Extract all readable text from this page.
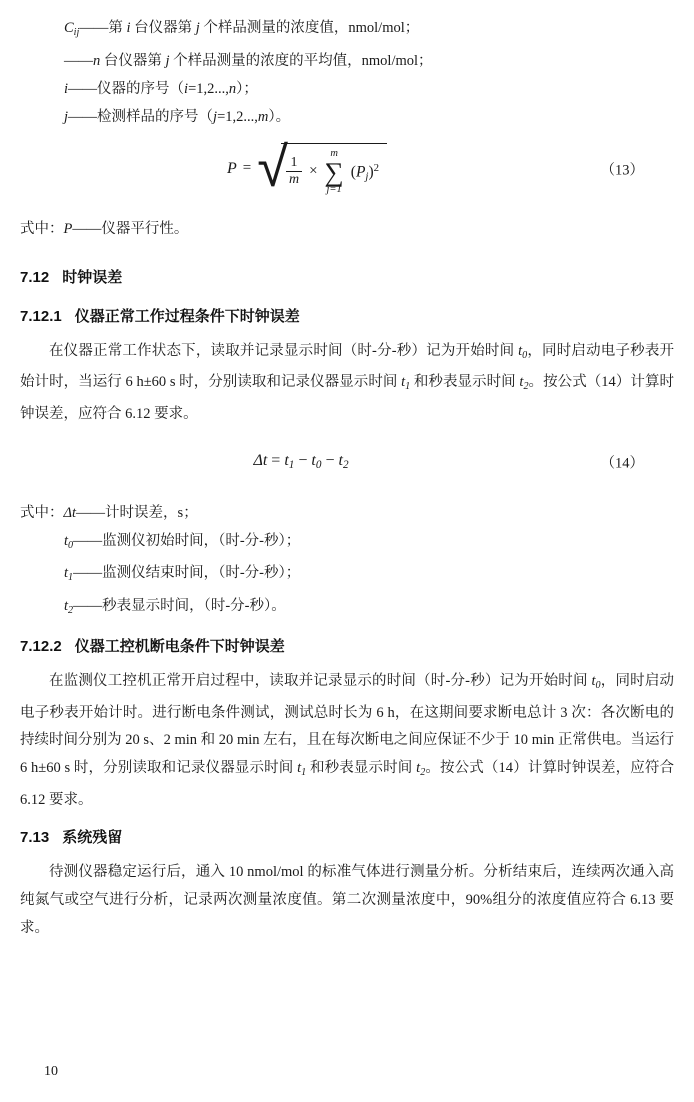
Cij——第 i 台仪器第 j 个样品测量的浓度值，nmol/mol；

——n 台仪器第 j 个样品测量的浓度的平均值，nmol/mol；

i——仪器的序号（i=1,2...,n）；

j——检测样品的序号（j=1,2...,m）。

P = √
$\frac{1}{m}$ ×
m
∑
j=1
$(Pj)^2$	（13）

式中：P——仪器平行性。

7.12 时钟误差
7.12.1 仪器正常工作过程条件下时钟误差

在仪器正常工作状态下，读取并记录显示时间（时-分-秒）记为开始时间 t0，同时启动电子秒表开始计时，当运行 6 h±60 s 时，分别读取和记录仪器显示时间 t1 和秒表显示时间 t2。按公式（14）计算时钟误差，应符合 6.12 要求。

Δt = t1 − t0 − t2	（14）

式中：Δt——计时误差，s；

t0——监测仪初始时间，（时-分-秒）；

t1——监测仪结束时间，（时-分-秒）；

t2——秒表显示时间，（时-分-秒）。

7.12.2 仪器工控机断电条件下时钟误差

在监测仪工控机正常开启过程中，读取并记录显示的时间（时-分-秒）记为开始时间 t0，同时启动电子秒表开始计时。进行断电条件测试，测试总时长为 6 h，在这期间要求断电总计 3 次：各次断电的持续时间分别为 20 s、2 min 和 20 min 左右，且在每次断电之间应保证不少于 10 min 正常供电。当运行 6 h±60 s 时，分别读取和记录仪器显示时间 t1 和秒表显示时间 t2。按公式（14）计算时钟误差，应符合 6.12 要求。

7.13 系统残留

待测仪器稳定运行后，通入 10 nmol/mol 的标准气体进行测量分析。分析结束后，连续两次通入高纯氮气或空气进行分析，记录两次测量浓度值。第二次测量浓度中，90%组分的浓度值应符合 6.13 要求。

10
